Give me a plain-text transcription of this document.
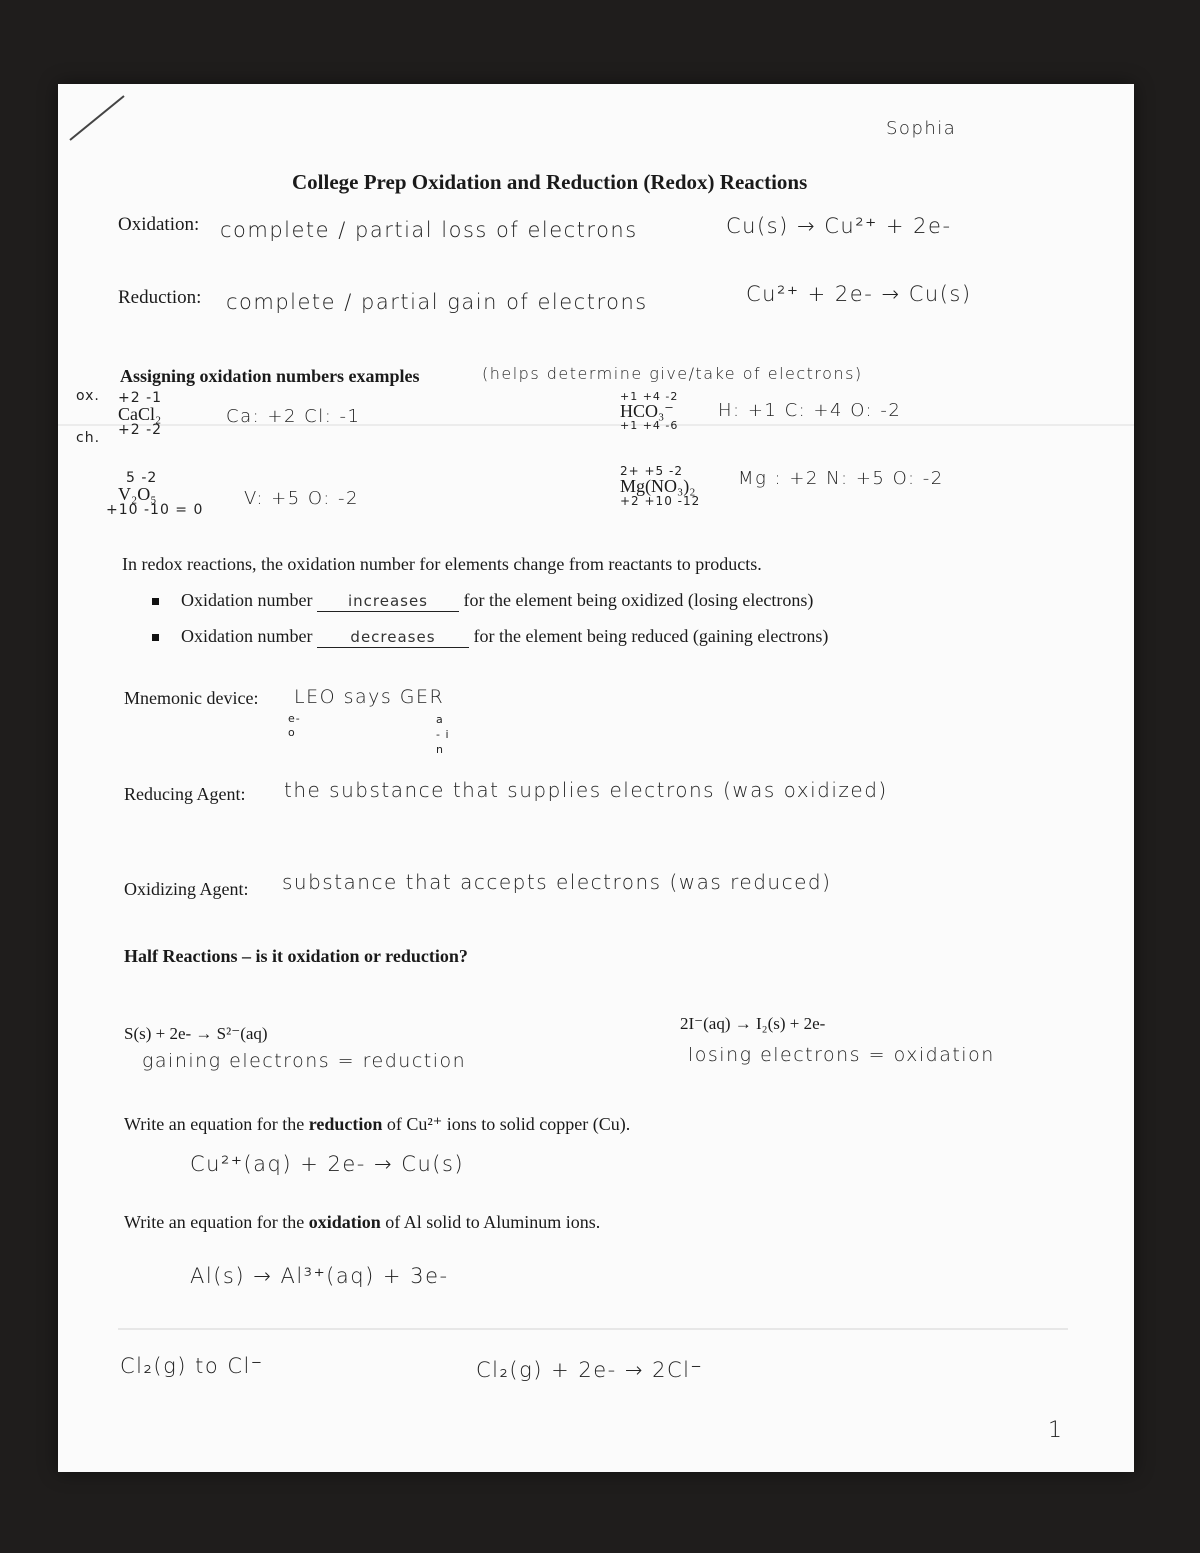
Sophia
College Prep Oxidation and Reduction (Redox) Reactions
Oxidation: complete / partial loss of electrons	Cu(s) → Cu²⁺ + 2e-
Reduction: complete / partial gain of electrons	Cu²⁺ + 2e- → Cu(s)
Assigning oxidation numbers examples	(helps determine give/take of electrons)
ox.
ch.
+2 -1
CaCl₂
+2 -2
Ca: +2 Cl: -1
+1 +4 -2
HCO₃⁻
+1 +4 -6
H: +1 C: +4 O: -2
5 -2
V₂O₅
+10 -10 = 0
V: +5 O: -2
2+ +5 -2
Mg(NO₃)₂
+2 +10 -12
Mg : +2 N: +5 O: -2
In redox reactions, the oxidation number for elements change from reactants to products.
Oxidation number increases for the element being oxidized (losing electrons)
Oxidation number	decreases for the element being reduced (gaining electrons)
Mnemonic device: LEO says GER
e- o
a - i n
Reducing Agent: the substance that supplies electrons (was oxidized)
Oxidizing Agent: substance that accepts electrons (was reduced)
Half Reactions – is it oxidation or reduction?
S(s) + 2e- → S²⁻(aq)
gaining electrons = reduction
2I⁻(aq) → I₂(s) + 2e-
losing electrons = oxidation
Write an equation for the reduction of Cu²⁺ ions to solid copper (Cu).
Cu²⁺(aq) + 2e- → Cu(s)
Write an equation for the oxidation of Al solid to Aluminum ions.
Al(s) → Al³⁺(aq) + 3e-
Cl₂(g) to Cl⁻	Cl₂(g) + 2e- → 2Cl⁻
1
